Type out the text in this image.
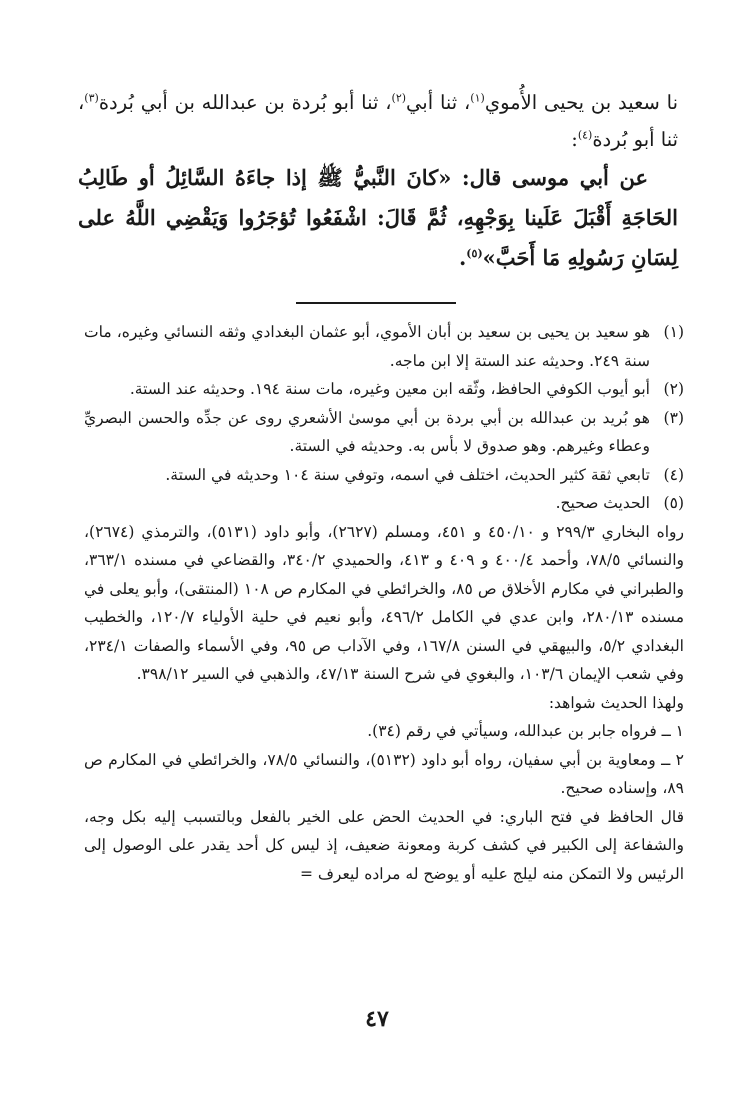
نا سعيد بن يحيى الأُموي$^{(١)}$، ثنا أبي$^{(٢)}$، ثنا أبو بُردة بن عبدالله بن أبي بُردة$^{(٣)}$، ثنا أبو بُردة$^{(٤)}$:

عن أبي موسى قال: «كانَ النَّبيُّ ﷺ إذا جاءَهُ السَّائِلُ أو طَالِبُ الحَاجَةِ أَقْبَلَ عَلَينا بِوَجْهِهِ، ثُمَّ قَالَ: اشْفَعُوا تُؤجَرُوا وَيَقْضِي اللَّهُ على لِسَانِ رَسُولِهِ مَا أَحَبَّ»$^{(٥)}$.

(١)
هو سعيد بن يحيى بن سعيد بن أبان الأموي، أبو عثمان البغدادي وثقه النسائي وغيره، مات سنة ٢٤٩. وحديثه عند الستة إلا ابن ماجه.

(٢)
أبو أيوب الكوفي الحافظ، وثّقه ابن معين وغيره، مات سنة ١٩٤. وحديثه عند الستة.

(٣)
هو بُريد بن عبدالله بن أبي بردة بن أبي موسىٰ الأشعري روى عن جدِّه والحسن البصريِّ وعطاء وغيرهم. وهو صدوق لا بأس به. وحديثه في الستة.

(٤)
تابعي ثقة كثير الحديث، اختلف في اسمه، وتوفي سنة ١٠٤ وحديثه في الستة.

(٥)
الحديث صحيح.

رواه البخاري ٢٩٩/٣ و ٤٥٠/١٠ و ٤٥١، ومسلم (٢٦٢٧)، وأبو داود (٥١٣١)، والترمذي (٢٦٧٤)، والنسائي ٧٨/٥، وأحمد ٤٠٠/٤ و ٤٠٩ و ٤١٣، والحميدي ٣٤٠/٢، والقضاعي في مسنده ٣٦٣/١، والطبراني في مكارم الأخلاق ص ٨٥، والخرائطي في المكارم ص ١٠٨ (المنتقى)، وأبو يعلى في مسنده ٢٨٠/١٣، وابن عدي في الكامل ٤٩٦/٢، وأبو نعيم في حلية الأولياء ١٢٠/٧، والخطيب البغدادي ٥/٢، والبيهقي في السنن ١٦٧/٨، وفي الآداب ص ٩٥، وفي الأسماء والصفات ٢٣٤/١، وفي شعب الإيمان ١٠٣/٦، والبغوي في شرح السنة ٤٧/١٣، والذهبي في السير ٣٩٨/١٢.

ولهذا الحديث شواهد:

١ ــ فرواه جابر بن عبدالله، وسيأتي في رقم (٣٤).

٢ ــ ومعاوية بن أبي سفيان، رواه أبو داود (٥١٣٢)، والنسائي ٧٨/٥، والخرائطي في المكارم ص ٨٩، وإسناده صحيح.

قال الحافظ في فتح الباري: في الحديث الحض على الخير بالفعل وبالتسبب إليه بكل وجه، والشفاعة إلى الكبير في كشف كربة ومعونة ضعيف، إذ ليس كل أحد يقدر على الوصول إلى الرئيس ولا التمكن منه ليلج عليه أو يوضح له مراده ليعرف =

٤٧
